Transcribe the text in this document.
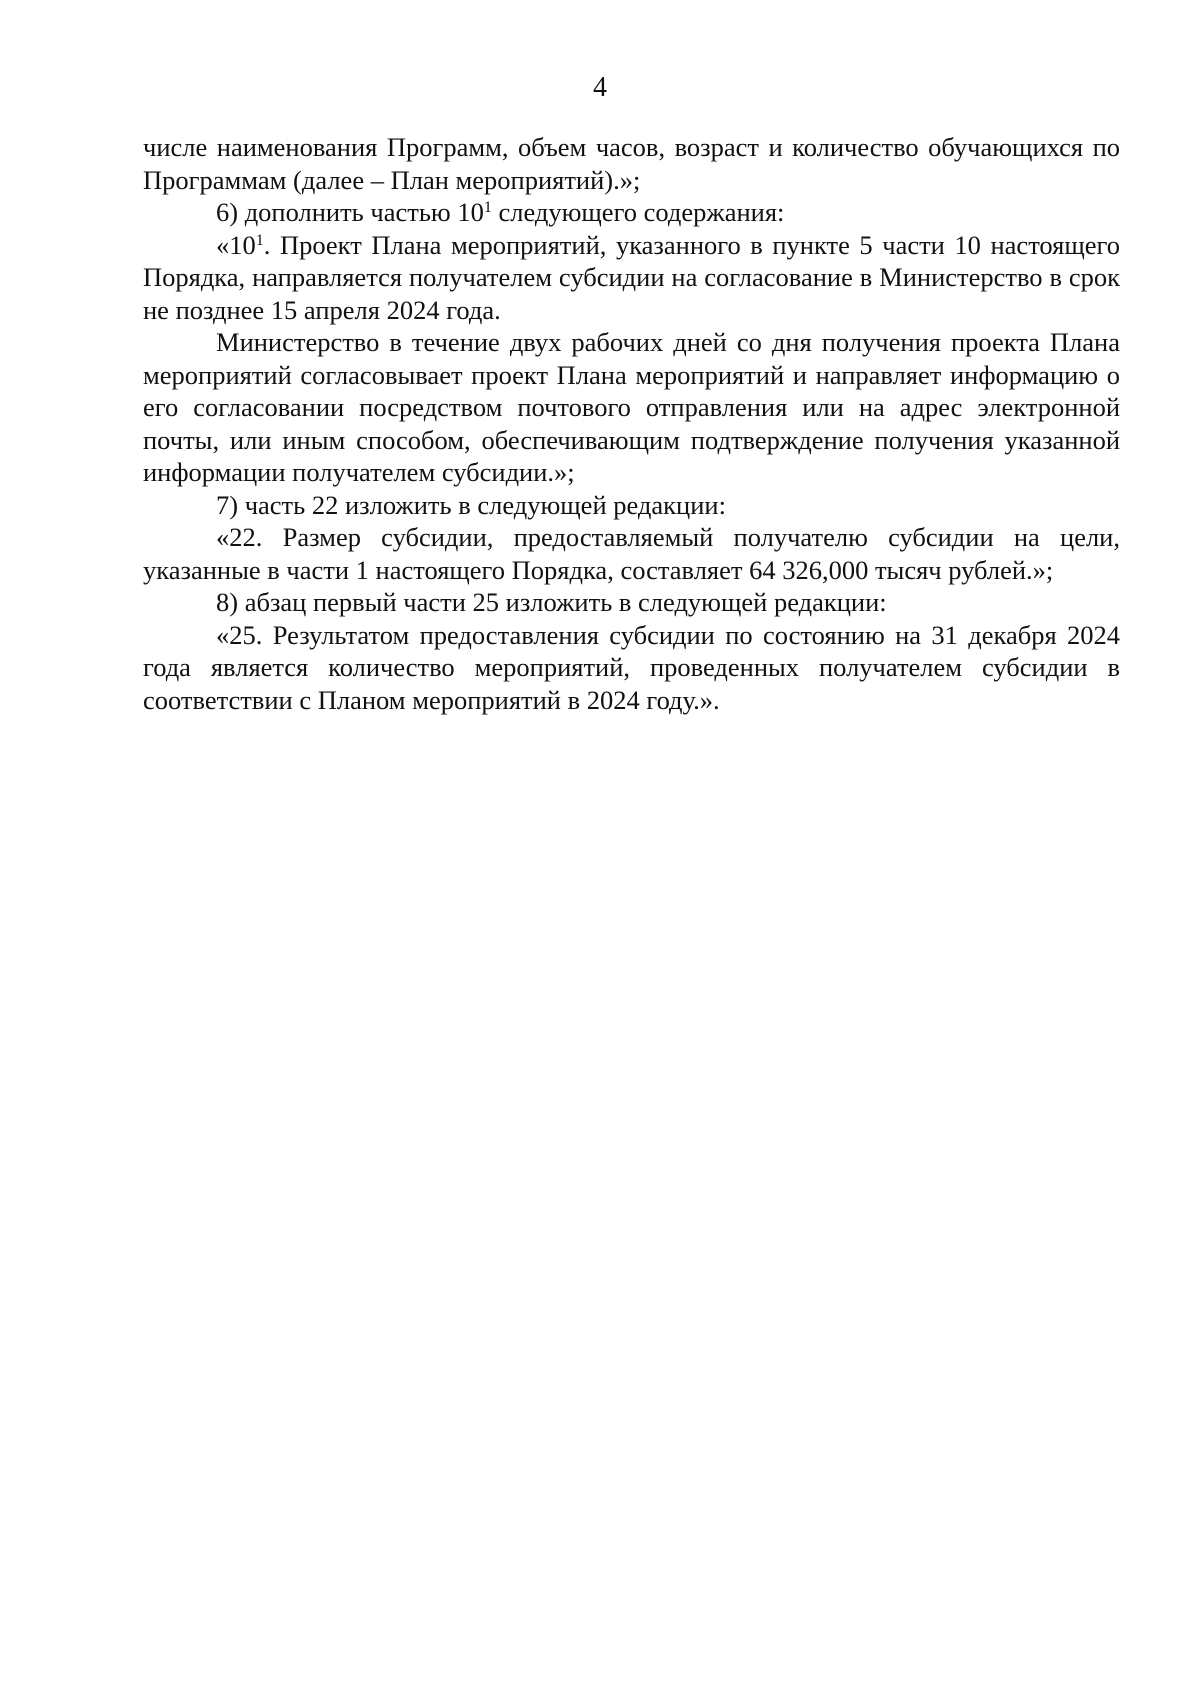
4

числе наименования Программ, объем часов, возраст и количество обучающихся по Программам (далее – План мероприятий).»;

6) дополнить частью $10^1$ следующего содержания:

«$10^1$. Проект Плана мероприятий, указанного в пункте 5 части 10 настоящего Порядка, направляется получателем субсидии на согласование в Министерство в срок не позднее 15 апреля 2024 года.

Министерство в течение двух рабочих дней со дня получения проекта Плана мероприятий согласовывает проект Плана мероприятий и направляет информацию о его согласовании посредством почтового отправления или на адрес электронной почты, или иным способом, обеспечивающим подтверждение получения указанной информации получателем субсидии.»;

7) часть 22 изложить в следующей редакции:

«22. Размер субсидии, предоставляемый получателю субсидии на цели, указанные в части 1 настоящего Порядка, составляет 64 326,000 тысяч рублей.»;

8) абзац первый части 25 изложить в следующей редакции:

«25. Результатом предоставления субсидии по состоянию на 31 декабря 2024 года является количество мероприятий, проведенных получателем субсидии в соответствии с Планом мероприятий в 2024 году.».
